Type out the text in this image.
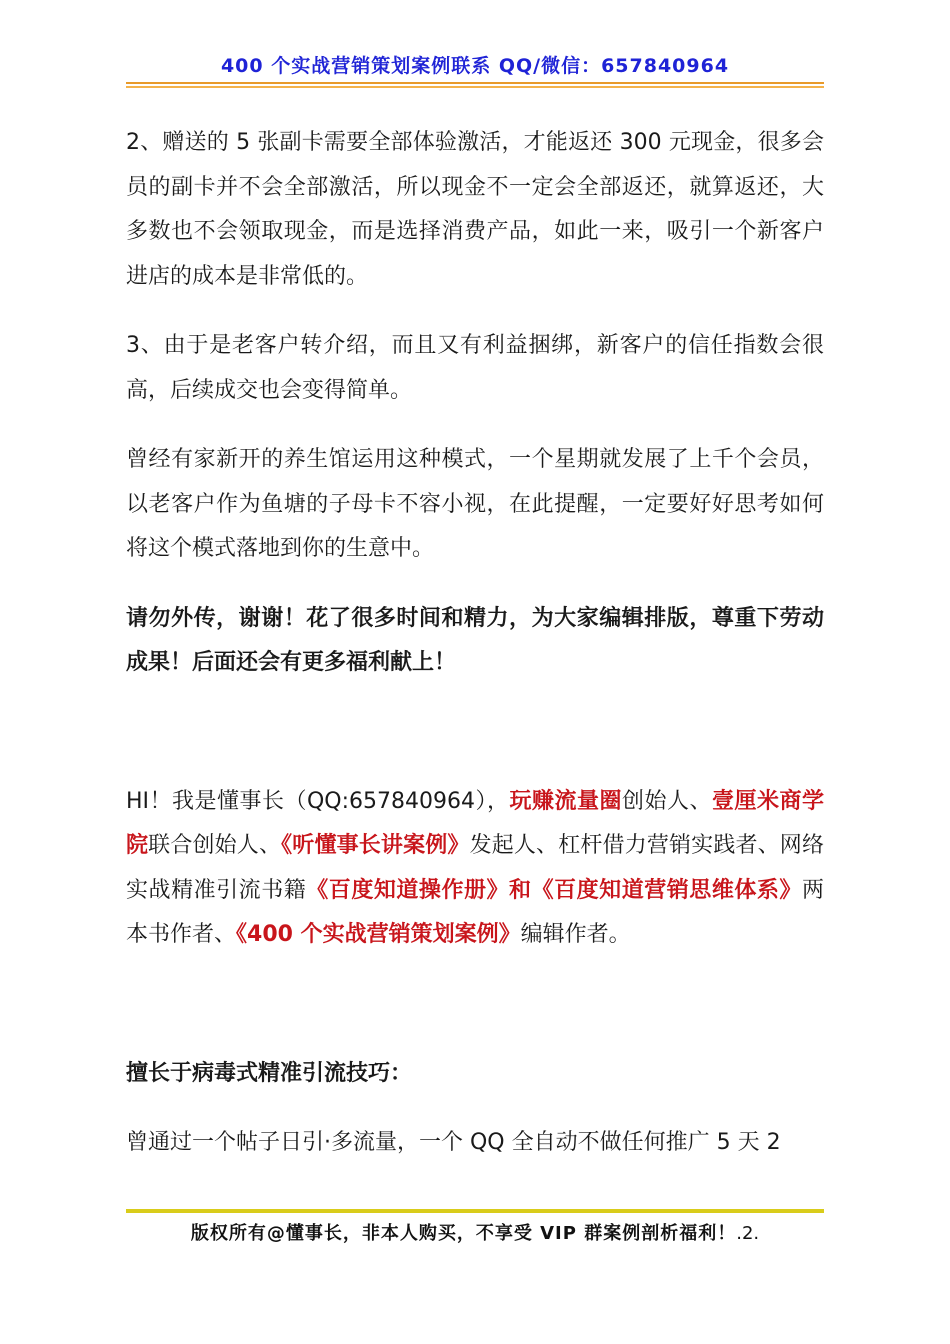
400 个实战营销策划案例联系 QQ/微信：657840964

2、赠送的 5 张副卡需要全部体验激活，才能返还 300 元现金，很多会员的副卡并不会全部激活，所以现金不一定会全部返还，就算返还，大多数也不会领取现金，而是选择消费产品，如此一来，吸引一个新客户进店的成本是非常低的。

3、由于是老客户转介绍，而且又有利益捆绑，新客户的信任指数会很高，后续成交也会变得简单。

曾经有家新开的养生馆运用这种模式，一个星期就发展了上千个会员，以老客户作为鱼塘的子母卡不容小视，在此提醒，一定要好好思考如何将这个模式落地到你的生意中。

请勿外传，谢谢！花了很多时间和精力，为大家编辑排版，尊重下劳动成果！后面还会有更多福利献上！

HI！我是懂事长（QQ:657840964），玩赚流量圈创始人、壹厘米商学院联合创始人、《听懂事长讲案例》发起人、杠杆借力营销实践者、网络实战精准引流书籍《百度知道操作册》和《百度知道营销思维体系》两本书作者、《400 个实战营销策划案例》编辑作者。

擅长于病毒式精准引流技巧：

曾通过一个帖子日引·多流量，一个 QQ 全自动不做任何推广 5 天 2

版权所有@懂事长，非本人购买，不享受 VIP 群案例剖析福利！.2.
